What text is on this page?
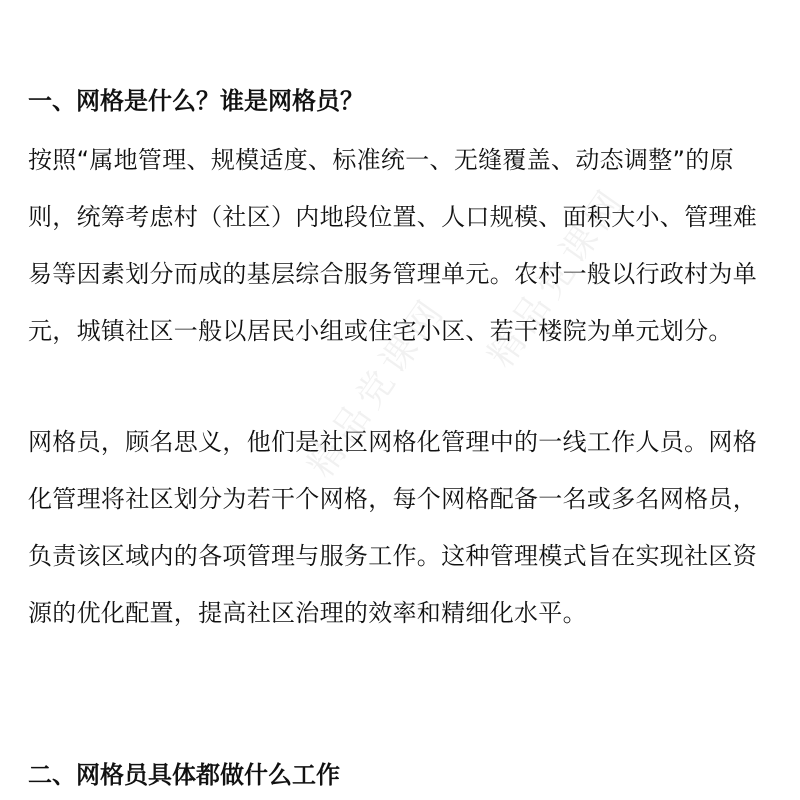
精品党课网
精品党课网
一、网格是什么？谁是网格员？
按照“属地管理、规模适度、标准统一、无缝覆盖、动态调整”的原
则，统筹考虑村（社区）内地段位置、人口规模、面积大小、管理难
易等因素划分而成的基层综合服务管理单元。农村一般以行政村为单
元，城镇社区一般以居民小组或住宅小区、若干楼院为单元划分。
网格员，顾名思义，他们是社区网格化管理中的一线工作人员。网格
化管理将社区划分为若干个网格，每个网格配备一名或多名网格员，
负责该区域内的各项管理与服务工作。这种管理模式旨在实现社区资
源的优化配置，提高社区治理的效率和精细化水平。
二、网格员具体都做什么工作
